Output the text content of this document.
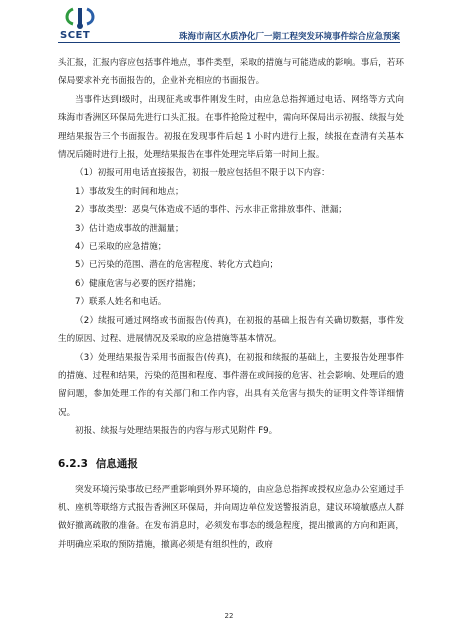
SCET	珠海市南区水质净化厂一期工程突发环境事件综合应急预案

头汇报，汇报内容应包括事件地点，事件类型，采取的措施与可能造成的影响。事后，若环保局要求补充书面报告的，企业补充相应的书面报告。

当事件达到Ⅰ级时，出现征兆或事件刚发生时，由应急总指挥通过电话、网络等方式向珠海市香洲区环保局先进行口头汇报。在事件抢险过程中，需向环保局出示初报、续报与处理结果报告三个书面报告。初报在发现事件后起 1 小时内进行上报，续报在查清有关基本情况后随时进行上报，处理结果报告在事件处理完毕后第一时间上报。

（1）初报可用电话直接报告，初报一般应包括但不限于以下内容：

1）事故发生的时间和地点；

2）事故类型：恶臭气体造成不适的事件、污水非正常排放事件、泄漏；

3）估计造成事故的泄漏量；

4）已采取的应急措施；

5）已污染的范围、潜在的危害程度、转化方式趋向；

6）健康危害与必要的医疗措施；

7）联系人姓名和电话。

（2）续报可通过网络或书面报告(传真)，在初报的基础上报告有关确切数据，事件发生的原因、过程、进展情况及采取的应急措施等基本情况。

（3）处理结果报告采用书面报告(传真)，在初报和续报的基础上，主要报告处理事件的措施、过程和结果，污染的范围和程度、事件潜在或间接的危害、社会影响、处理后的遗留问题，参加处理工作的有关部门和工作内容，出具有关危害与损失的证明文件等详细情况。

初报、续报与处理结果报告的内容与形式见附件 F9。

6.2.3 信息通报

突发环境污染事故已经严重影响到外界环境的，由应急总指挥或授权应急办公室通过手机、座机等联络方式报告香洲区环保局，并向周边单位发送警报消息，建议环境敏感点人群做好撤离疏散的准备。在发布消息时，必须发布事态的缓急程度，提出撤离的方向和距离，并明确应采取的预防措施，撤离必须是有组织性的，政府

22
